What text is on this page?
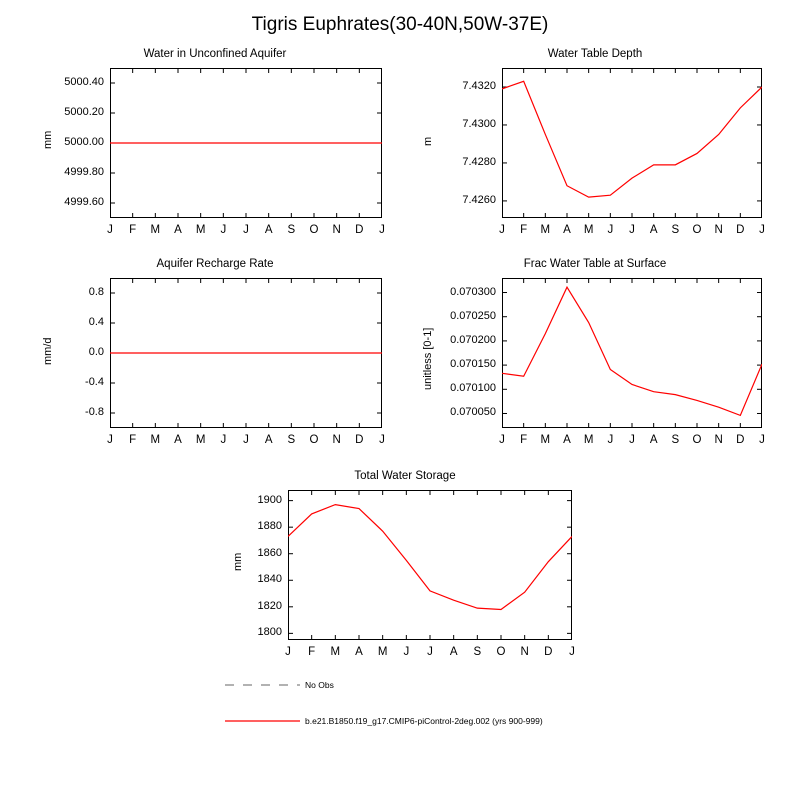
Tigris Euphrates(30-40N,50W-37E)
Water in Unconfined Aquifer
4999.60
4999.80
5000.00
5000.20
5000.40
J	F	M A M	J	J	A S O N D	J
mm
Water Table Depth
7.4260
7.4280
7.4300
7.4320
J	F	M A M	J	J	A S O N D	J
m
Aquifer Recharge Rate
-0.8
-0.4
0.0
0.4
0.8
J	F	M A M	J	J	A S O N D	J
mm/d
Frac Water Table at Surface
0.070050
0.070100
0.070150
0.070200
0.070250
0.070300
J	F	M A M	J	J	A S O N D	J
unitless [0-1]
Total Water Storage
1800
1820
1840
1860
1880
1900
J	F	M A M	J	J	A S O N D	J
mm
No Obs
b.e21.B1850.f19_g17.CMIP6-piControl-2deg.002 (yrs 900-999)
